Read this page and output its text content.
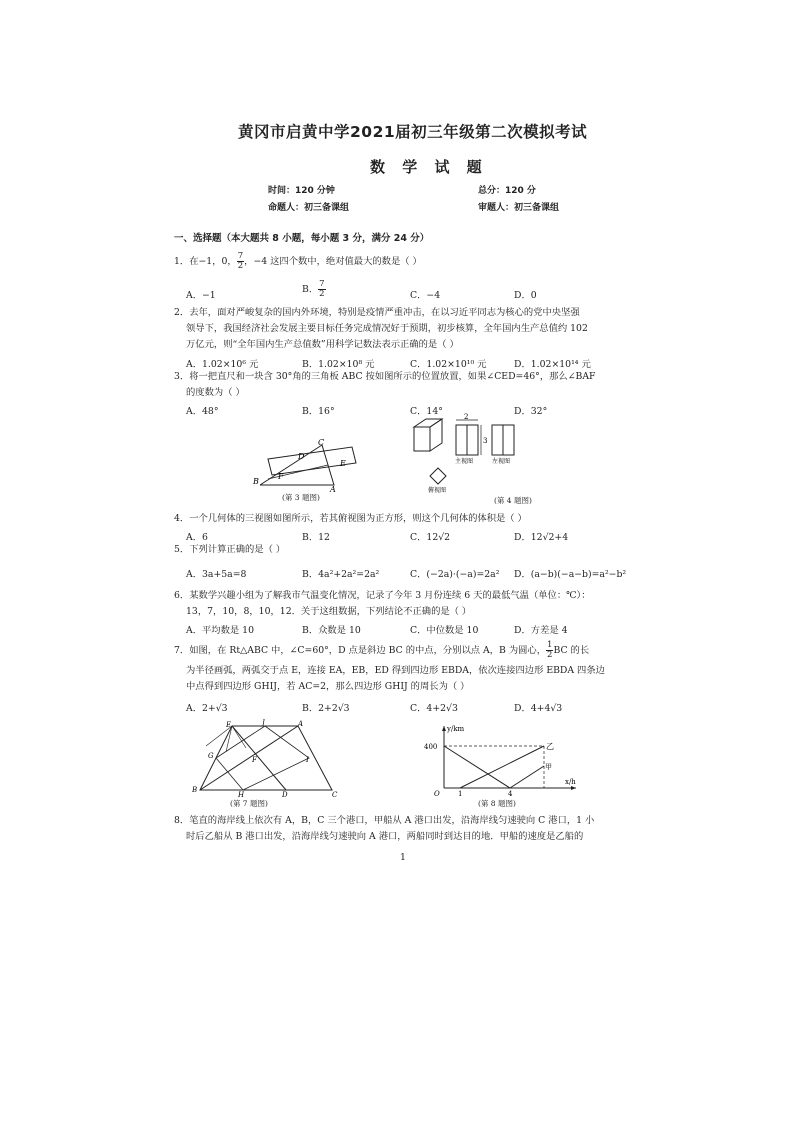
黄冈市启黄中学2021届初三年级第二次模拟考试
数 学 试 题
时间：120 分钟	总分：120 分
命题人：初三备课组	审题人：初三备课组
一、选择题（本大题共 8 小题，每小题 3 分，满分 24 分）
1．在−1，0， $\frac{7}{2}$ ，−4 这四个数中，绝对值最大的数是（ ）
A．−1
B． $\frac{7}{2}$	C．−4	D．0
2．去年，面对严峻复杂的国内外环境，特别是疫情严重冲击，在以习近平同志为核心的党中央坚强
领导下，我国经济社会发展主要目标任务完成情况好于预期，初步核算，全年国内生产总值约 102
万亿元，则“全年国内生产总值数”用科学记数法表示正确的是（ ）
A．1.02×10⁶ 元	B．1.02×10⁸ 元	C．1.02×10¹⁰ 元	D．1.02×10¹⁴ 元
3．将一把直尺和一块含 30°角的三角板 ABC 按如图所示的位置放置，如果∠CED=46°，那么∠BAF
的度数为（ ）
A．48°	B．16°	C．14°	D．32°
C
D
E
F
B
A
(第 3 题图)
2
3
主视图	左视图
俯视图
(第 4 题图)
4．一个几何体的三视图如图所示，若其俯视图为正方形，则这个几何体的体积是（ ）
A．6	B．12	C．12√2	D．12√2+4
5．下列计算正确的是（ ）
A．3a+5a=8	B．4a²+2a²=2a²	C．(−2a)·(−a)=2a² D．(a−b)(−a−b)=a²−b²
6．某数学兴趣小组为了解我市气温变化情况，记录了今年 3 月份连续 6 天的最低气温（单位：℃）：
13，7，10，8，10，12．关于这组数据，下列结论不正确的是（ ）
A．平均数是 10	B．众数是 10	C．中位数是 10	D．方差是 4
7．如图，在 Rt△ABC 中，∠C=60°，D 点是斜边 BC 的中点，分别以点 A，B 为圆心， $\frac{1}{2}$ BC 的长
为半径画弧，两弧交于点 E，连接 EA，EB，ED 得到四边形 EBDA，依次连接四边形 EBDA 四条边
中点得到四边形 GHIJ，若 AC=2，那么四边形 GHIJ 的周长为（ ）
A．2+√3	B．2+2√3	C．4+2√3	D．4+4√3
E	J	A
G	F	I
B
H	D	C
(第 7 题图)
y/km
x/h
400
O	1	4
乙
甲
(第 8 题图)
8．笔直的海岸线上依次有 A，B，C 三个港口，甲船从 A 港口出发，沿海岸线匀速驶向 C 港口，1 小
时后乙船从 B 港口出发，沿海岸线匀速驶向 A 港口，两船同时到达目的地．甲船的速度是乙船的
1
